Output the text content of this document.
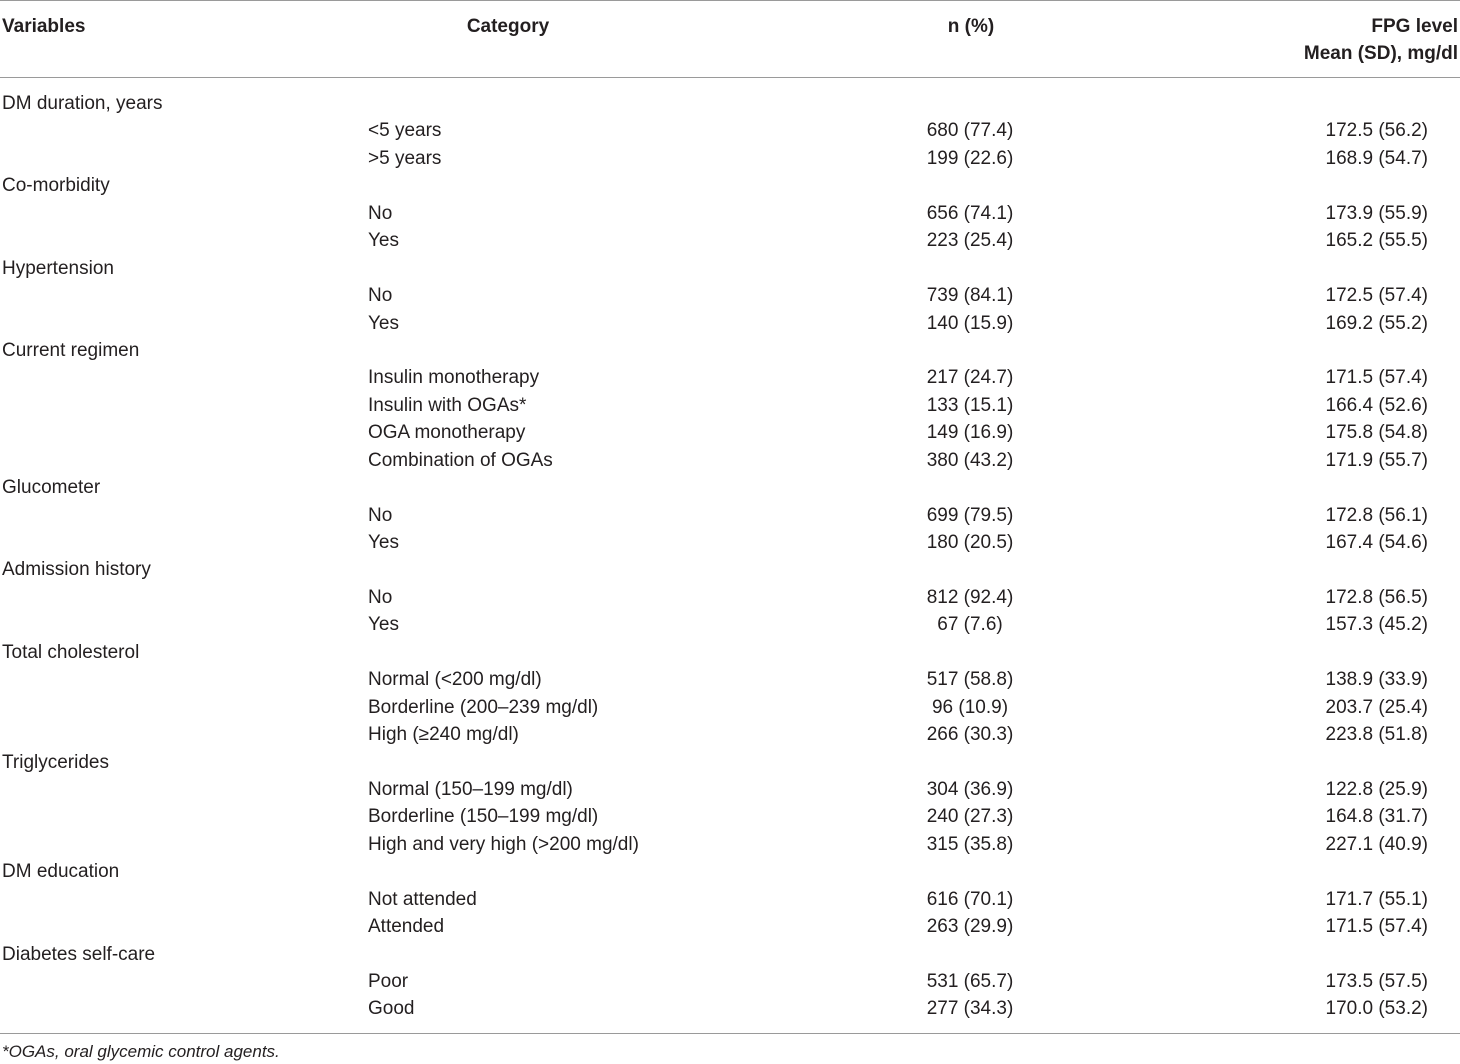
Variables	Category	n (%)	FPG level
Mean (SD), mg/dl
DM duration, years
<5 years	680 (77.4)	172.5 (56.2)
>5 years	199 (22.6)	168.9 (54.7)
Co-morbidity
No	656 (74.1)	173.9 (55.9)
Yes	223 (25.4)	165.2 (55.5)
Hypertension
No	739 (84.1)	172.5 (57.4)
Yes	140 (15.9)	169.2 (55.2)
Current regimen
Insulin monotherapy	217 (24.7)	171.5 (57.4)
Insulin with OGAs*	133 (15.1)	166.4 (52.6)
OGA monotherapy	149 (16.9)	175.8 (54.8)
Combination of OGAs	380 (43.2)	171.9 (55.7)
Glucometer
No	699 (79.5)	172.8 (56.1)
Yes	180 (20.5)	167.4 (54.6)
Admission history
No	812 (92.4)	172.8 (56.5)
Yes	67 (7.6)	157.3 (45.2)
Total cholesterol
Normal (<200 mg/dl)	517 (58.8)	138.9 (33.9)
Borderline (200–239 mg/dl)	96 (10.9)	203.7 (25.4)
High (≥240 mg/dl)	266 (30.3)	223.8 (51.8)
Triglycerides
Normal (150–199 mg/dl)	304 (36.9)	122.8 (25.9)
Borderline (150–199 mg/dl)	240 (27.3)	164.8 (31.7)
High and very high (>200 mg/dl)	315 (35.8)	227.1 (40.9)
DM education
Not attended	616 (70.1)	171.7 (55.1)
Attended	263 (29.9)	171.5 (57.4)
Diabetes self-care
Poor	531 (65.7)	173.5 (57.5)
Good	277 (34.3)	170.0 (53.2)
*OGAs, oral glycemic control agents.
